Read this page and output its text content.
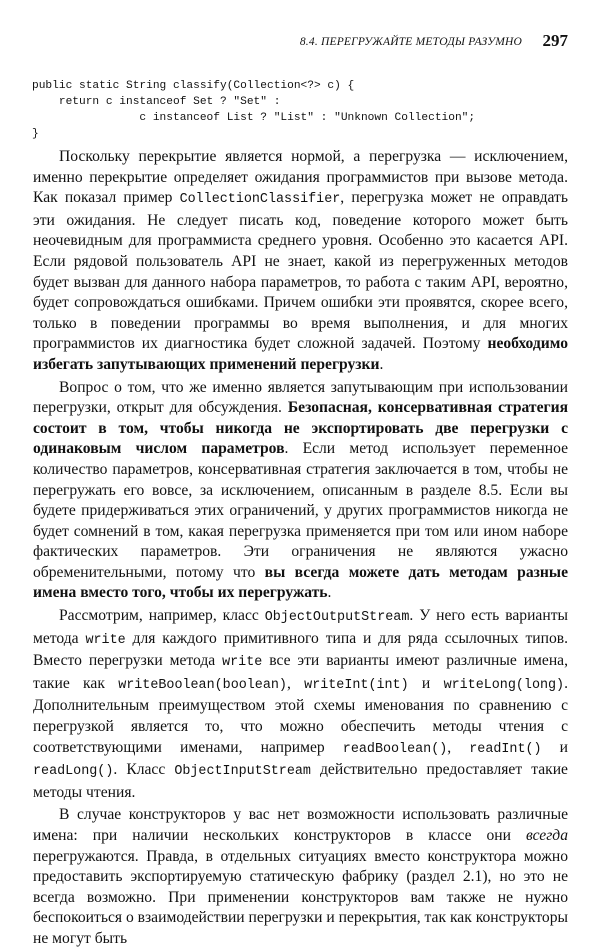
8.4. ПЕРЕГРУЖАЙТЕ МЕТОДЫ РАЗУМНО 297
public static String classify(Collection<?> c) {
return c instanceof Set ? "Set" :
c instanceof List ? "List" : "Unknown Collection";
}

Поскольку перекрытие является нормой, а перегрузка — исключением, именно перекрытие определяет ожидания программистов при вызове метода. Как показал пример CollectionClassifier, перегрузка может не оправдать эти ожидания. Не следует писать код, поведение которого может быть неочевидным для программиста среднего уровня. Особенно это касается API. Если рядовой пользователь API не знает, какой из перегруженных методов будет вызван для данного набора параметров, то работа с таким API, вероятно, будет сопровождаться ошибками. Причем ошибки эти проявятся, скорее всего, только в поведении программы во время выполнения, и для многих программистов их диагностика будет сложной задачей. Поэтому необходимо избегать запутывающих применений перегрузки.

Вопрос о том, что же именно является запутывающим при использовании перегрузки, открыт для обсуждения. Безопасная, консервативная стратегия состоит в том, чтобы никогда не экспортировать две перегрузки с одинаковым числом параметров. Если метод использует переменное количество параметров, консервативная стратегия заключается в том, чтобы не перегружать его вовсе, за исключением, описанным в разделе 8.5. Если вы будете придерживаться этих ограничений, у других программистов никогда не будет сомнений в том, какая перегрузка применяется при том или ином наборе фактических параметров. Эти ограничения не являются ужасно обременительными, потому что вы всегда можете дать методам разные имена вместо того, чтобы их перегружать.

Рассмотрим, например, класс ObjectOutputStream. У него есть варианты метода write для каждого примитивного типа и для ряда ссылочных типов. Вместо перегрузки метода write все эти варианты имеют различные имена, такие как writeBoolean(boolean), writeInt(int) и writeLong(long). Дополнительным преимуществом этой схемы именования по сравнению с перегрузкой является то, что можно обеспечить методы чтения с соответствующими именами, например readBoolean(), readInt() и readLong(). Класс ObjectInputStream действительно предоставляет такие методы чтения.

В случае конструкторов у вас нет возможности использовать различные имена: при наличии нескольких конструкторов в классе они всегда перегружаются. Правда, в отдельных ситуациях вместо конструктора можно предоставить экспортируемую статическую фабрику (раздел 2.1), но это не всегда возможно. При применении конструкторов вам также не нужно беспокоиться о взаимодействии перегрузки и перекрытия, так как конструкторы не могут быть
